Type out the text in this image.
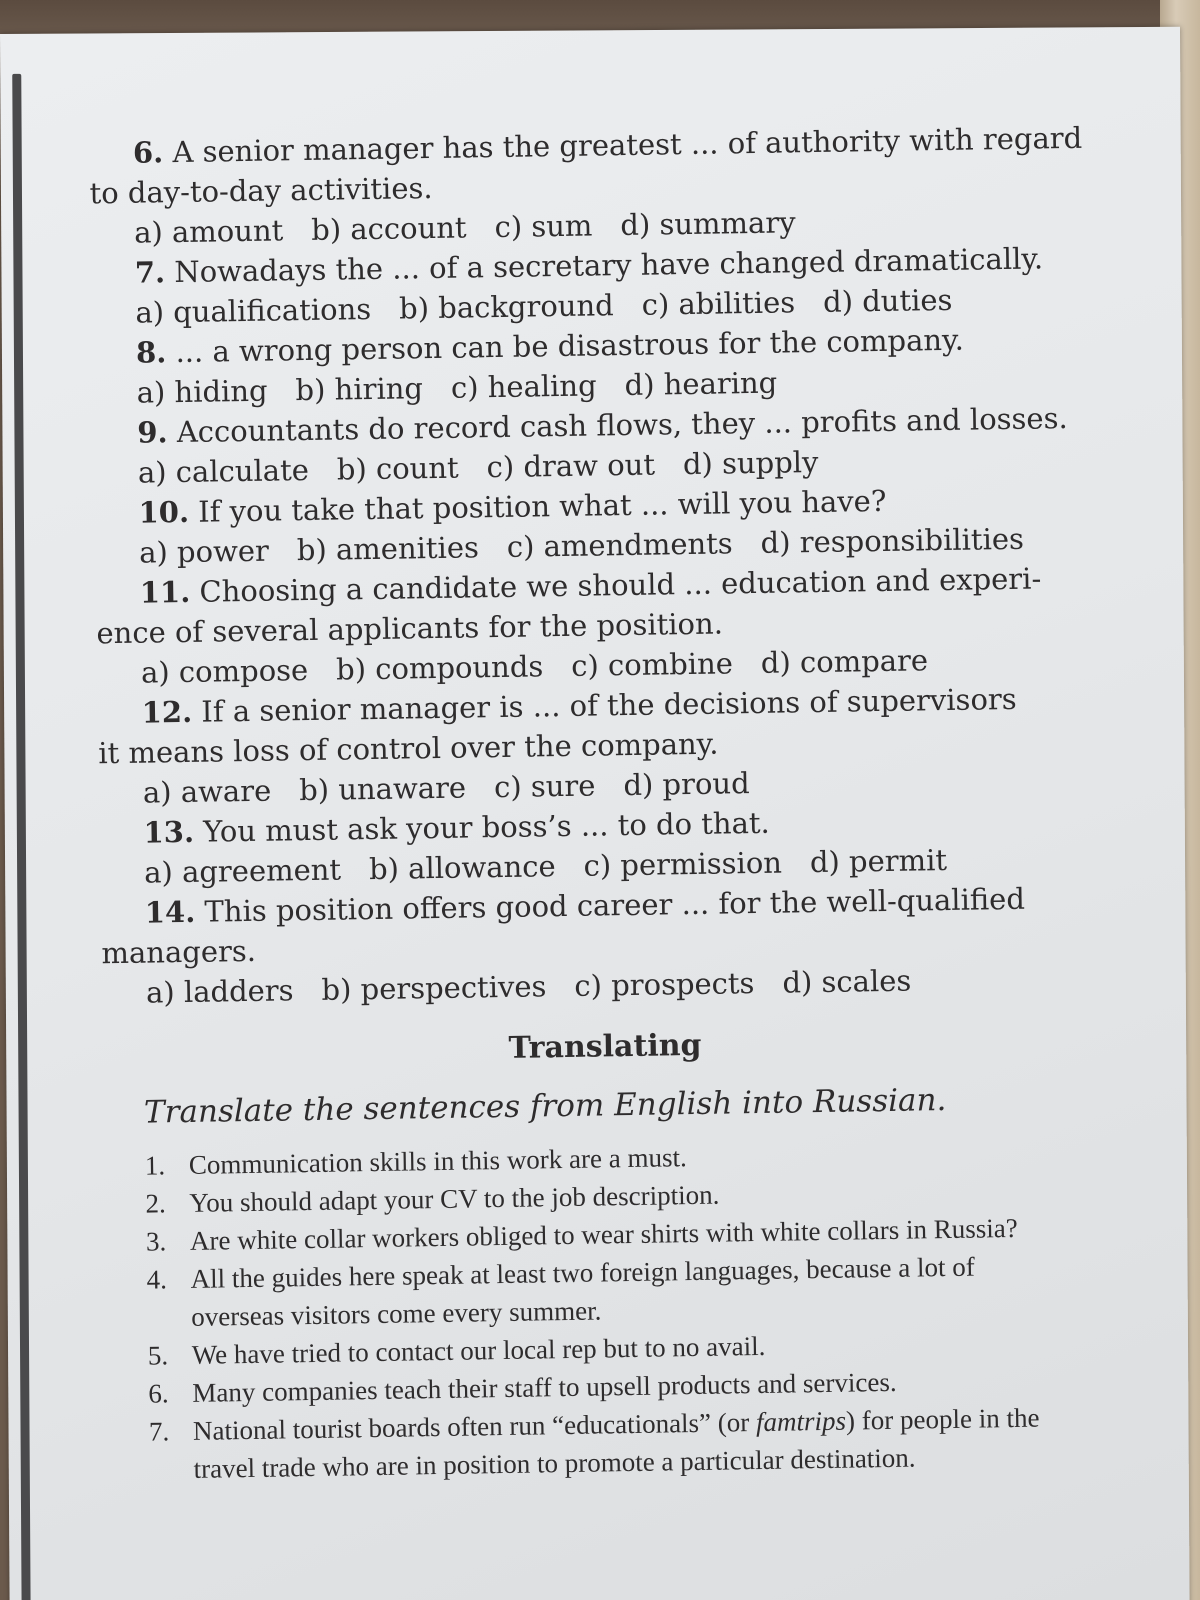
6. A senior manager has the greatest ... of authority with regard
to day-to-day activities.
a) amount b) account c) sum d) summary
7. Nowadays the ... of a secretary have changed dramatically.
a) qualifications b) background c) abilities d) duties
8. ... a wrong person can be disastrous for the company.
a) hiding b) hiring c) healing d) hearing
9. Accountants do record cash flows, they ... profits and losses.
a) calculate b) count c) draw out d) supply
10. If you take that position what ... will you have?
a) power b) amenities c) amendments d) responsibilities
11. Choosing a candidate we should ... education and experi-
ence of several applicants for the position.
a) compose b) compounds c) combine d) compare
12. If a senior manager is ... of the decisions of supervisors
it means loss of control over the company.
a) aware b) unaware c) sure d) proud
13. You must ask your boss’s ... to do that.
a) agreement b) allowance c) permission d) permit
14. This position offers good career ... for the well-qualified
managers.
a) ladders b) perspectives c) prospects d) scales
Translating
Translate the sentences from English into Russian.
1. Communication skills in this work are a must.
2. You should adapt your CV to the job description.
3. Are white collar workers obliged to wear shirts with white collars in Russia?
4. All the guides here speak at least two foreign languages, because a lot of overseas visitors come every summer.
5. We have tried to contact our local rep but to no avail.
6. Many companies teach their staff to upsell products and services.
7. National tourist boards often run “educationals” (or famtrips) for people in the travel trade who are in position to promote a particular destination.
